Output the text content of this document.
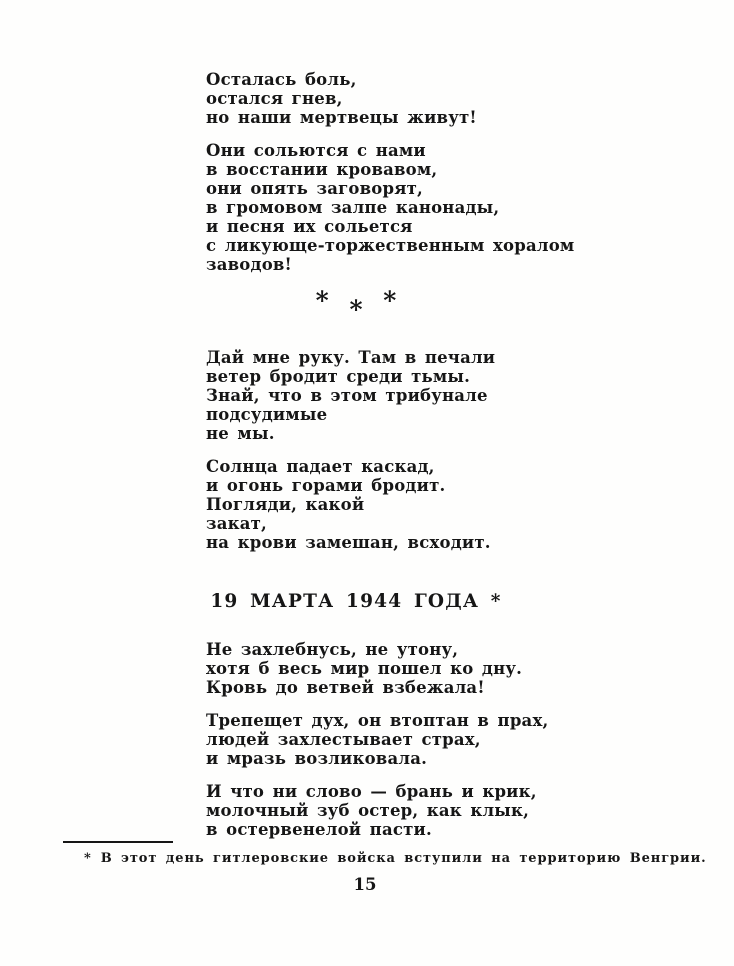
Осталась боль,
остался гнев,
но наши мертвецы живут!
Они сольются с нами
в восстании кровавом,
они опять заговорят,
в громовом залпе канонады,
и песня их сольется
с ликующе-торжественным хоралом
заводов!
* * *
Дай мне руку. Там в печали
ветер бродит среди тьмы.
Знай, что в этом трибунале
подсудимые
не мы.
Солнца падает каскад,
и огонь горами бродит.
Погляди, какой
закат,
на крови замешан, всходит.
19 МАРТА 1944 ГОДА *
Не захлебнусь, не утону,
хотя б весь мир пошел ко дну.
Кровь до ветвей взбежала!
Трепещет дух, он втоптан в прах,
людей захлестывает страх,
и мразь возликовала.
И что ни слово — брань и крик,
молочный зуб остер, как клык,
в остервенелой пасти.
* В этот день гитлеровские войска вступили на территорию Венгрии.
15
